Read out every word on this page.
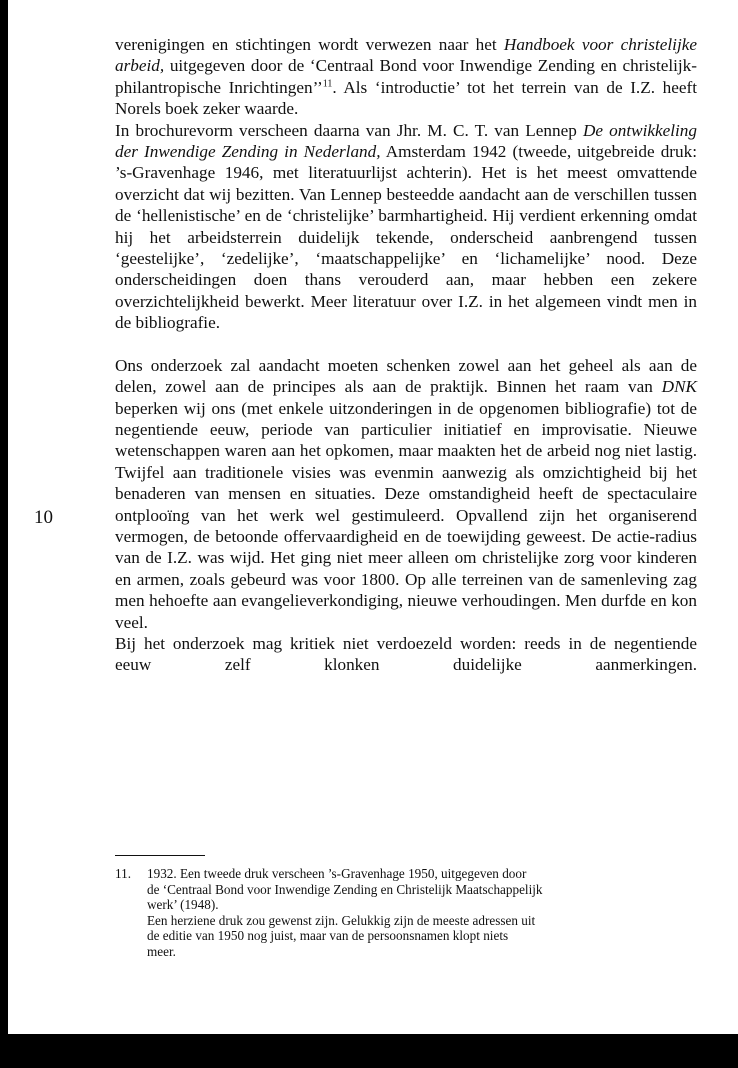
10

verenigingen en stichtingen wordt verwezen naar het Handboek voor christelijke arbeid, uitgegeven door de ‘Centraal Bond voor Inwendige Zending en christelijk-philantropische Inrichtingen’’$^{11}$. Als ‘introductie’ tot het terrein van de I.Z. heeft Norels boek zeker waarde.

In brochurevorm verscheen daarna van Jhr. M. C. T. van Lennep De ontwikkeling der Inwendige Zending in Nederland, Amsterdam 1942 (tweede, uitgebreide druk: ’s-Gravenhage 1946, met literatuurlijst achterin). Het is het meest omvattende overzicht dat wij bezitten. Van Lennep besteedde aandacht aan de verschillen tussen de ‘hellenistische’ en de ‘christelijke’ barmhartigheid. Hij verdient erkenning omdat hij het arbeidsterrein duidelijk tekende, onderscheid aanbrengend tussen ‘geestelijke’, ‘zedelijke’, ‘maatschappelijke’ en ‘lichamelijke’ nood. Deze onderscheidingen doen thans verouderd aan, maar hebben een zekere overzichtelijkheid bewerkt. Meer literatuur over I.Z. in het algemeen vindt men in de bibliografie.

Ons onderzoek zal aandacht moeten schenken zowel aan het geheel als aan de delen, zowel aan de principes als aan de praktijk. Binnen het raam van DNK beperken wij ons (met enkele uitzonderingen in de opgenomen bibliografie) tot de negentiende eeuw, periode van particulier initiatief en improvisatie. Nieuwe wetenschappen waren aan het opkomen, maar maakten het de arbeid nog niet lastig. Twijfel aan traditionele visies was evenmin aanwezig als omzichtigheid bij het benaderen van mensen en situaties. Deze omstandigheid heeft de spectaculaire ontplooïng van het werk wel gestimuleerd. Opvallend zijn het organiserend vermogen, de betoonde offervaardigheid en de toewijding geweest. De actie-radius van de I.Z. was wijd. Het ging niet meer alleen om christelijke zorg voor kinderen en armen, zoals gebeurd was voor 1800. Op alle terreinen van de samenleving zag men hehoefte aan evangelieverkondiging, nieuwe verhoudingen. Men durfde en kon veel.

Bij het onderzoek mag kritiek niet verdoezeld worden: reeds in de negentiende eeuw zelf klonken duidelijke aanmerkingen.

11.	1932. Een tweede druk verscheen ’s-Gravenhage 1950, uitgegeven door
de ‘Centraal Bond voor Inwendige Zending en Christelijk Maatschappelijk
werk’ (1948).
Een herziene druk zou gewenst zijn. Gelukkig zijn de meeste adressen uit
de editie van 1950 nog juist, maar van de persoonsnamen klopt niets
meer.
